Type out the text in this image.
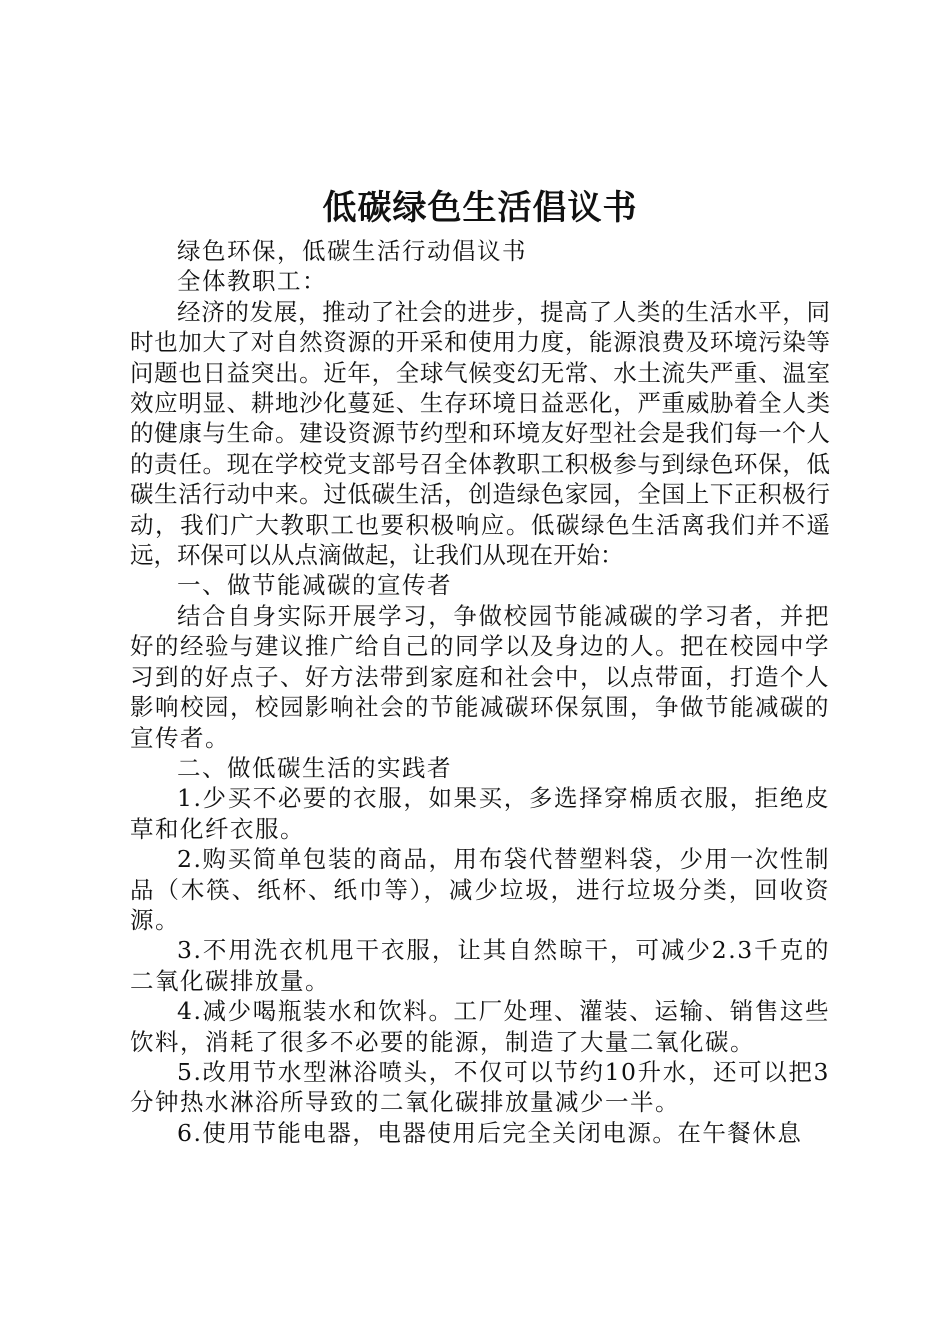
低碳绿色生活倡议书

绿色环保，低碳生活行动倡议书

全体教职工：

经济的发展，推动了社会的进步，提高了人类的生活水平，同时也加大了对自然资源的开采和使用力度，能源浪费及环境污染等问题也日益突出。近年，全球气候变幻无常、水土流失严重、温室效应明显、耕地沙化蔓延、生存环境日益恶化，严重威胁着全人类的健康与生命。建设资源节约型和环境友好型社会是我们每一个人的责任。现在学校党支部号召全体教职工积极参与到绿色环保，低碳生活行动中来。过低碳生活，创造绿色家园，全国上下正积极行动，我们广大教职工也要积极响应。低碳绿色生活离我们并不遥远，环保可以从点滴做起，让我们从现在开始：

一、做节能减碳的宣传者

结合自身实际开展学习，争做校园节能减碳的学习者，并把好的经验与建议推广给自己的同学以及身边的人。把在校园中学习到的好点子、好方法带到家庭和社会中，以点带面，打造个人影响校园，校园影响社会的节能减碳环保氛围，争做节能减碳的宣传者。

二、做低碳生活的实践者

1.少买不必要的衣服，如果买，多选择穿棉质衣服，拒绝皮草和化纤衣服。

2.购买简单包装的商品，用布袋代替塑料袋，少用一次性制品（木筷、纸杯、纸巾等），减少垃圾，进行垃圾分类，回收资源。

3.不用洗衣机甩干衣服，让其自然晾干，可减少2.3千克的二氧化碳排放量。

4.减少喝瓶装水和饮料。工厂处理、灌装、运输、销售这些饮料，消耗了很多不必要的能源，制造了大量二氧化碳。

5.改用节水型淋浴喷头，不仅可以节约10升水，还可以把3分钟热水淋浴所导致的二氧化碳排放量减少一半。

6.使用节能电器，电器使用后完全关闭电源。在午餐休息
